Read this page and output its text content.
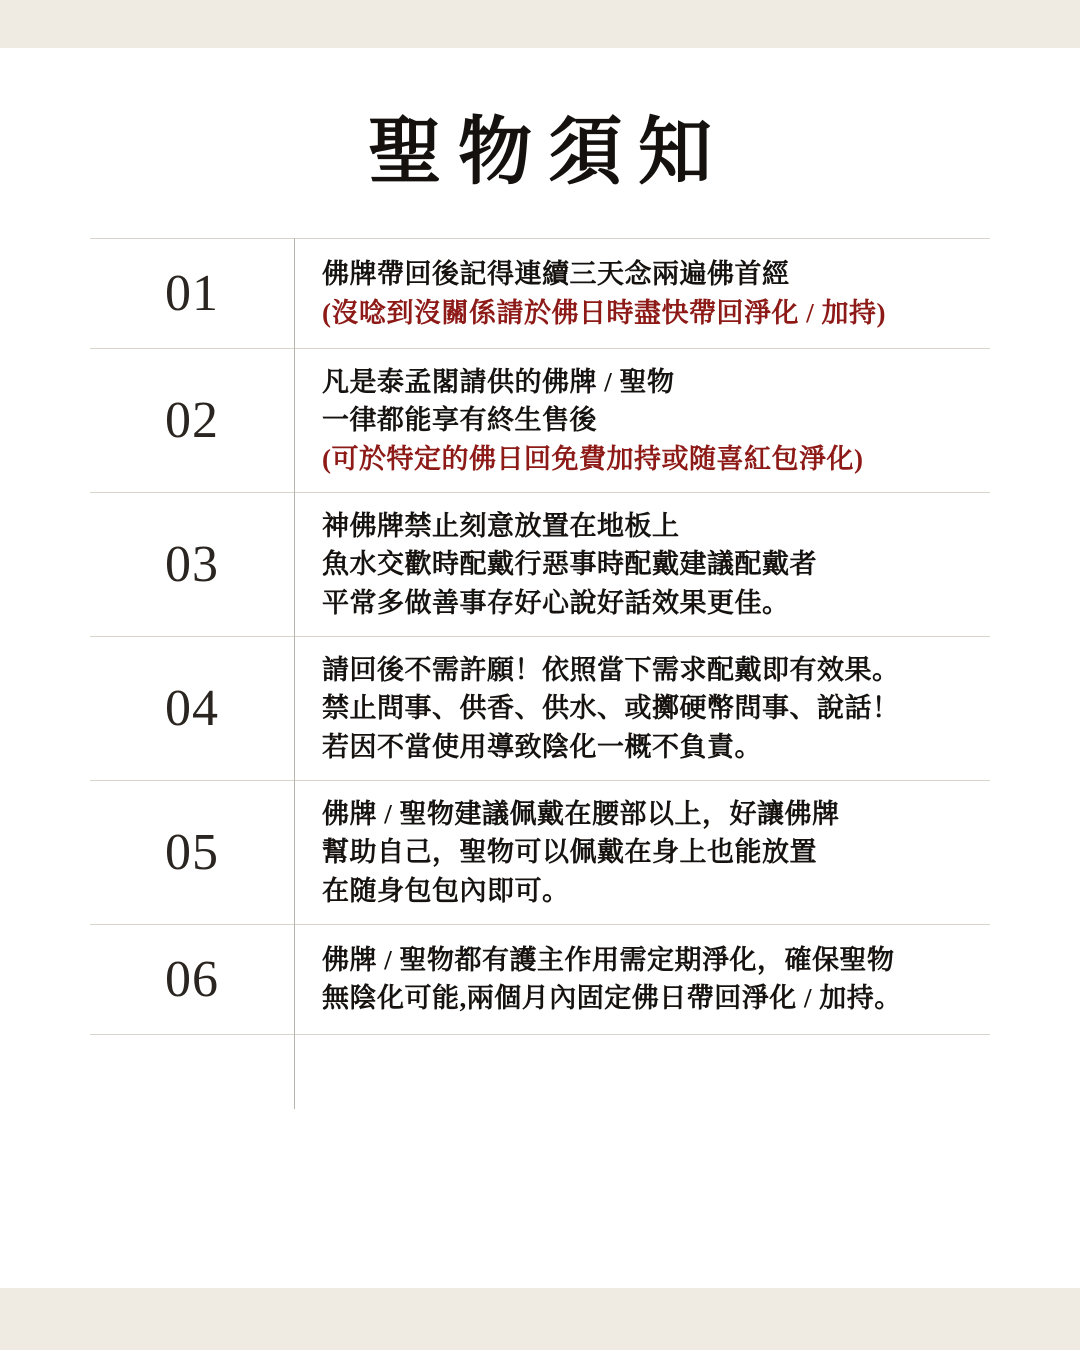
聖物須知
01	佛牌帶回後記得連續三天念兩遍佛首經
(沒唸到沒關係請於佛日時盡快帶回淨化 / 加持)
02
凡是泰孟閣請供的佛牌 / 聖物
一律都能享有終生售後
(可於特定的佛日回免費加持或随喜紅包淨化)
03
神佛牌禁止刻意放置在地板上
魚水交歡時配戴行惡事時配戴建議配戴者
平常多做善事存好心說好話效果更佳。
04
請回後不需許願！依照當下需求配戴即有效果。
禁止問事、供香、供水、或擲硬幣問事、說話！
若因不當使用導致陰化一概不負責。
05
佛牌 / 聖物建議佩戴在腰部以上，好讓佛牌
幫助自己，聖物可以佩戴在身上也能放置
在随身包包內即可。
06	佛牌 / 聖物都有護主作用需定期淨化，確保聖物
無陰化可能,兩個月內固定佛日帶回淨化 / 加持。
